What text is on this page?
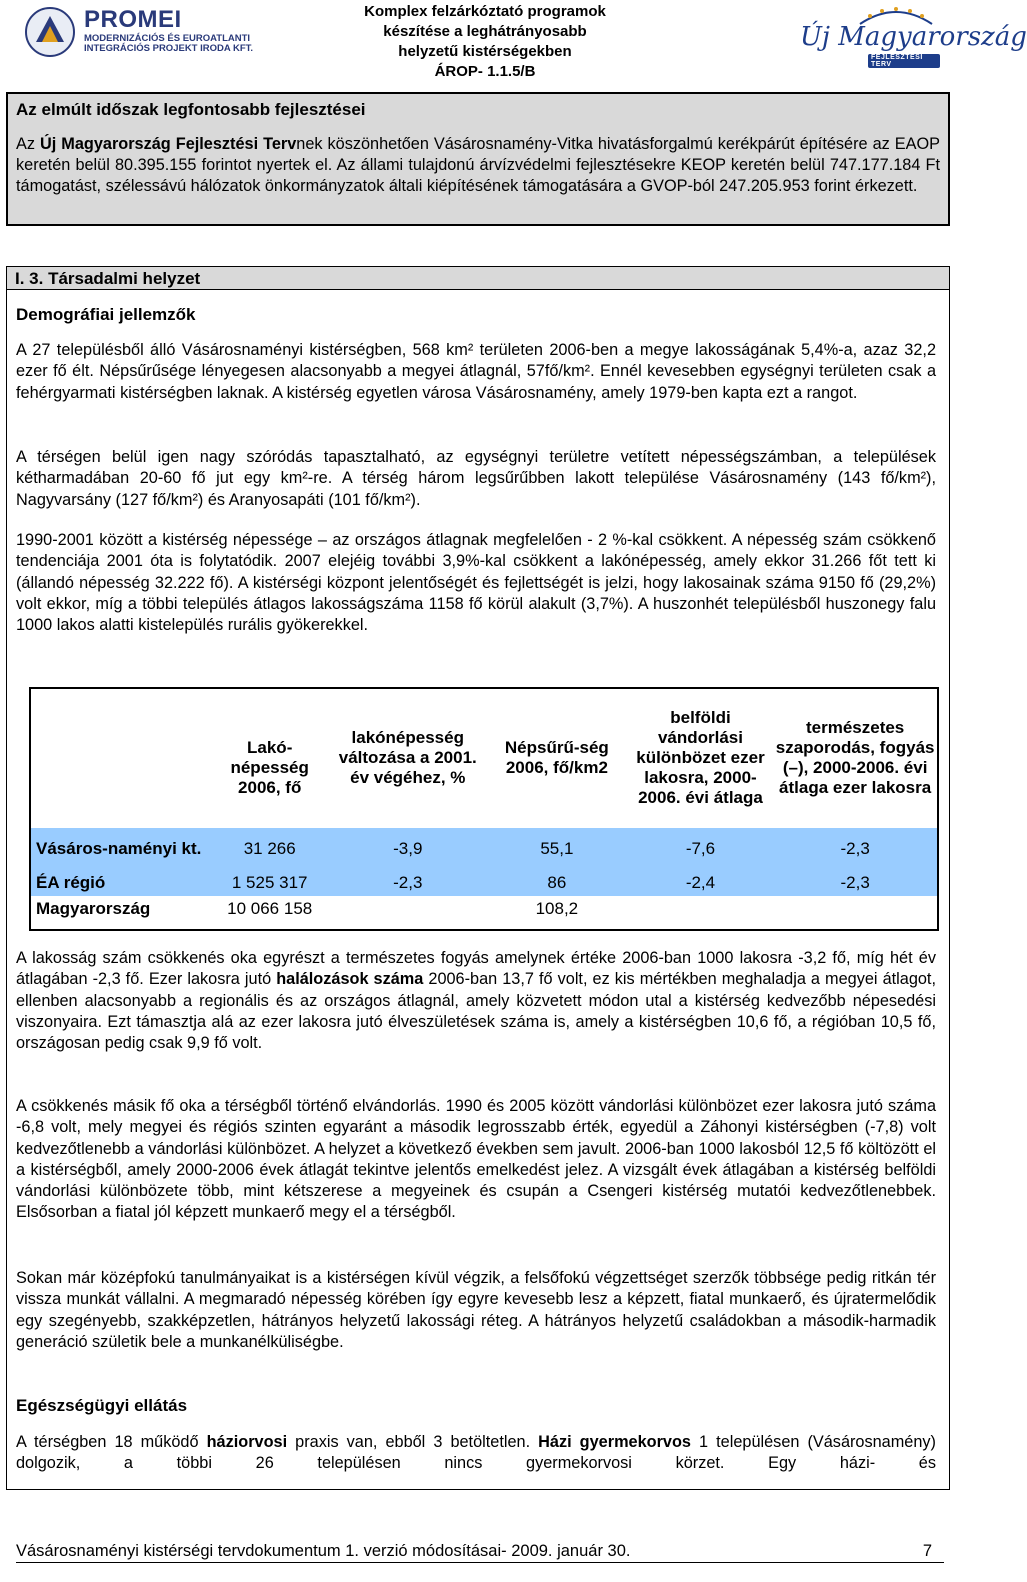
PROMEI
MODERNIZÁCIÓS ÉS EUROATLANTI INTEGRÁCIÓS PROJEKT IRODA KFT.
Komplex felzárkóztató programok
készítése a leghátrányosabb
helyzetű kistérségekben
ÁROP- 1.1.5/B
Új Magyarország
FEJLESZTÉSI TERV
Az elmúlt időszak legfontosabb fejlesztései
Az Új Magyarország Fejlesztési Tervnek köszönhetően Vásárosnamény-Vitka hivatásforgalmú kerékpárút építésére az EAOP keretén belül 80.395.155 forintot nyertek el. Az állami tulajdonú árvízvédelmi fejlesztésekre KEOP keretén belül 747.177.184 Ft támogatást, szélessávú hálózatok önkormányzatok általi kiépítésének támogatására a GVOP-ból 247.205.953 forint érkezett.
I. 3. Társadalmi helyzet
Demográfiai jellemzők
A 27 településből álló Vásárosnaményi kistérségben, 568 km² területen 2006-ben a megye lakosságának 5,4%-a, azaz 32,2 ezer fő élt. Népsűrűsége lényegesen alacsonyabb a megyei átlagnál, 57fő/km². Ennél kevesebben egységnyi területen csak a fehérgyarmati kistérségben laknak. A kistérség egyetlen városa Vásárosnamény, amely 1979-ben kapta ezt a rangot.
A térségen belül igen nagy szóródás tapasztalható, az egységnyi területre vetített népességszámban, a települések kétharmadában 20-60 fő jut egy km²-re. A térség három legsűrűbben lakott települése Vásárosnamény (143 fő/km²), Nagyvarsány (127 fő/km²) és Aranyosapáti (101 fő/km²).
1990-2001 között a kistérség népessége – az országos átlagnak megfelelően - 2 %-kal csökkent. A népesség szám csökkenő tendenciája 2001 óta is folytatódik. 2007 elejéig további 3,9%-kal csökkent a lakónépesség, amely ekkor 31.266 főt tett ki (állandó népesség 32.222 fő). A kistérségi központ jelentőségét és fejlettségét is jelzi, hogy lakosainak száma 9150 fő (29,2%) volt ekkor, míg a többi település átlagos lakosságszáma 1158 fő körül alakult (3,7%). A huszonhét településből huszonegy falu 1000 lakos alatti kistelepülés rurális gyökerekkel.
	Lakó-népesség 2006, fő	lakónépesség változása a 2001. év végéhez, %	Népsűrű-ség 2006, fő/km2	belföldi vándorlási különbözet ezer lakosra, 2000-2006. évi átlaga	természetes szaporodás, fogyás (–), 2000-2006. évi átlaga ezer lakosra
Vásáros-naményi kt.	31 266	-3,9	55,1	-7,6	-2,3
ÉA régió	1 525 317	-2,3	86	-2,4	-2,3
Magyarország	10 066 158		108,2		
A lakosság szám csökkenés oka egyrészt a természetes fogyás amelynek értéke 2006-ban 1000 lakosra -3,2 fő, míg hét év átlagában -2,3 fő. Ezer lakosra jutó halálozások száma 2006-ban 13,7 fő volt, ez kis mértékben meghaladja a megyei átlagot, ellenben alacsonyabb a regionális és az országos átlagnál, amely közvetett módon utal a kistérség kedvezőbb népesedési viszonyaira. Ezt támasztja alá az ezer lakosra jutó élveszületések száma is, amely a kistérségben 10,6 fő, a régióban 10,5 fő, országosan pedig csak 9,9 fő volt.
A csökkenés másik fő oka a térségből történő elvándorlás. 1990 és 2005 között vándorlási különbözet ezer lakosra jutó száma -6,8 volt, mely megyei és régiós szinten egyaránt a második legrosszabb érték, egyedül a Záhonyi kistérségben (-7,8) volt kedvezőtlenebb a vándorlási különbözet. A helyzet a következő években sem javult. 2006-ban 1000 lakosból 12,5 fő költözött el a kistérségből, amely 2000-2006 évek átlagát tekintve jelentős emelkedést jelez. A vizsgált évek átlagában a kistérség belföldi vándorlási különbözete több, mint kétszerese a megyeinek és csupán a Csengeri kistérség mutatói kedvezőtlenebbek. Elsősorban a fiatal jól képzett munkaerő megy el a térségből.
Sokan már középfokú tanulmányaikat is a kistérségen kívül végzik, a felsőfokú végzettséget szerzők többsége pedig ritkán tér vissza munkát vállalni. A megmaradó népesség körében így egyre kevesebb lesz a képzett, fiatal munkaerő, és újratermelődik egy szegényebb, szakképzetlen, hátrányos helyzetű lakossági réteg. A hátrányos helyzetű családokban a második-harmadik generáció születik bele a munkanélküliségbe.
Egészségügyi ellátás
A térségben 18 működő háziorvosi praxis van, ebből 3 betöltetlen. Házi gyermekorvos 1 településen (Vásárosnamény) dolgozik, a többi 26 településen nincs gyermekorvosi körzet. Egy házi- és
Vásárosnaményi kistérségi tervdokumentum 1. verzió módosításai- 2009. január 30.	7
